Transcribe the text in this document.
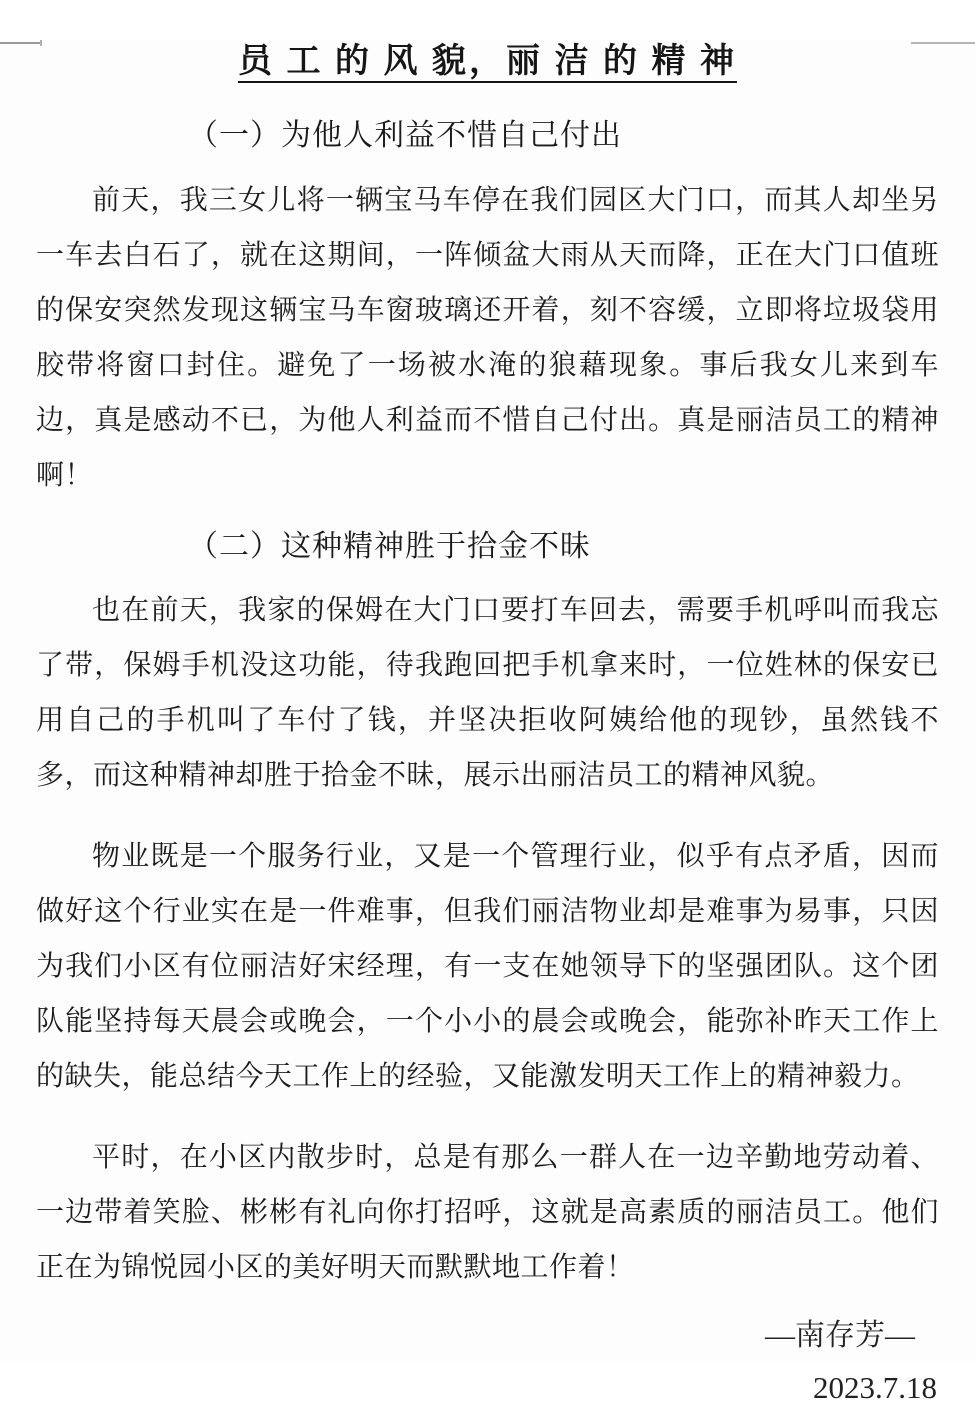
员 工 的 风 貌，丽 洁 的 精 神
（一）为他人利益不惜自己付出

前天，我三女儿将一辆宝马车停在我们园区大门口，而其人却坐另一车去白石了，就在这期间，一阵倾盆大雨从天而降，正在大门口值班的保安突然发现这辆宝马车窗玻璃还开着，刻不容缓，立即将垃圾袋用胶带将窗口封住。避免了一场被水淹的狼藉现象。事后我女儿来到车边，真是感动不已，为他人利益而不惜自己付出。真是丽洁员工的精神啊！

（二）这种精神胜于拾金不昧

也在前天，我家的保姆在大门口要打车回去，需要手机呼叫而我忘了带，保姆手机没这功能，待我跑回把手机拿来时，一位姓林的保安已用自己的手机叫了车付了钱，并坚决拒收阿姨给他的现钞，虽然钱不多，而这种精神却胜于拾金不昧，展示出丽洁员工的精神风貌。

物业既是一个服务行业，又是一个管理行业，似乎有点矛盾，因而做好这个行业实在是一件难事，但我们丽洁物业却是难事为易事，只因为我们小区有位丽洁好宋经理，有一支在她领导下的坚强团队。这个团队能坚持每天晨会或晚会，一个小小的晨会或晚会，能弥补昨天工作上的缺失，能总结今天工作上的经验，又能激发明天工作上的精神毅力。

平时，在小区内散步时，总是有那么一群人在一边辛勤地劳动着、一边带着笑脸、彬彬有礼向你打招呼，这就是高素质的丽洁员工。他们正在为锦悦园小区的美好明天而默默地工作着！

—南存芳—
2023.7.18
